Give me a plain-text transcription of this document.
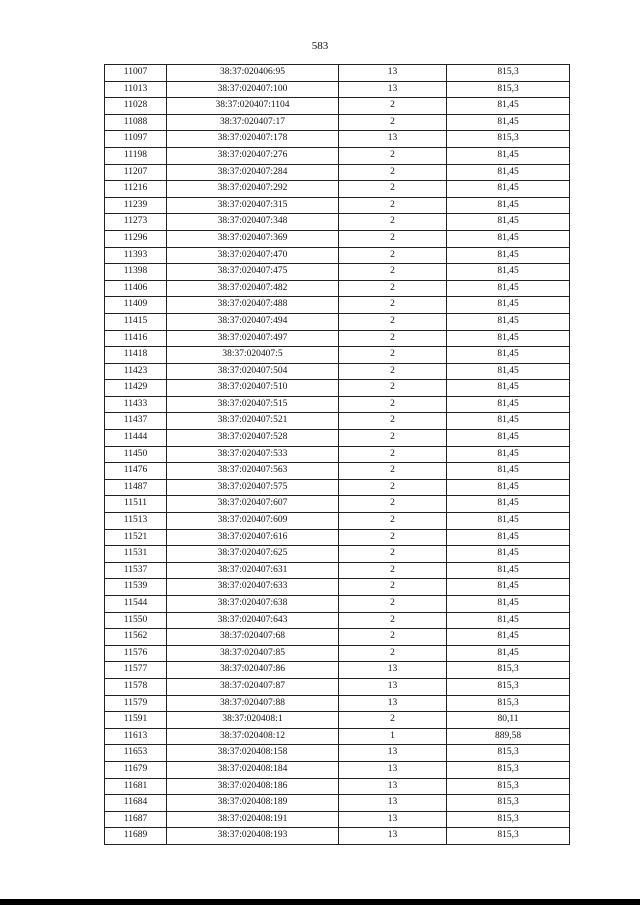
583
11007	38:37:020406:95	13	815,3
11013	38:37:020407:100	13	815,3
11028	38:37:020407:1104	2	81,45
11088	38:37:020407:17	2	81,45
11097	38:37:020407:178	13	815,3
11198	38:37:020407:276	2	81,45
11207	38:37:020407:284	2	81,45
11216	38:37:020407:292	2	81,45
11239	38:37:020407:315	2	81,45
11273	38:37:020407:348	2	81,45
11296	38:37:020407:369	2	81,45
11393	38:37:020407:470	2	81,45
11398	38:37:020407:475	2	81,45
11406	38:37:020407:482	2	81,45
11409	38:37:020407:488	2	81,45
11415	38:37:020407:494	2	81,45
11416	38:37:020407:497	2	81,45
11418	38:37:020407:5	2	81,45
11423	38:37:020407:504	2	81,45
11429	38:37:020407:510	2	81,45
11433	38:37:020407:515	2	81,45
11437	38:37:020407:521	2	81,45
11444	38:37:020407:528	2	81,45
11450	38:37:020407:533	2	81,45
11476	38:37:020407:563	2	81,45
11487	38:37:020407:575	2	81,45
11511	38:37:020407:607	2	81,45
11513	38:37:020407:609	2	81,45
11521	38:37:020407:616	2	81,45
11531	38:37:020407:625	2	81,45
11537	38:37:020407:631	2	81,45
11539	38:37:020407:633	2	81,45
11544	38:37:020407:638	2	81,45
11550	38:37:020407:643	2	81,45
11562	38:37:020407:68	2	81,45
11576	38:37:020407:85	2	81,45
11577	38:37:020407:86	13	815,3
11578	38:37:020407:87	13	815,3
11579	38:37:020407:88	13	815,3
11591	38:37:020408:1	2	80,11
11613	38:37:020408:12	1	889,58
11653	38:37:020408:158	13	815,3
11679	38:37:020408:184	13	815,3
11681	38:37:020408:186	13	815,3
11684	38:37:020408:189	13	815,3
11687	38:37:020408:191	13	815,3
11689	38:37:020408:193	13	815,3
